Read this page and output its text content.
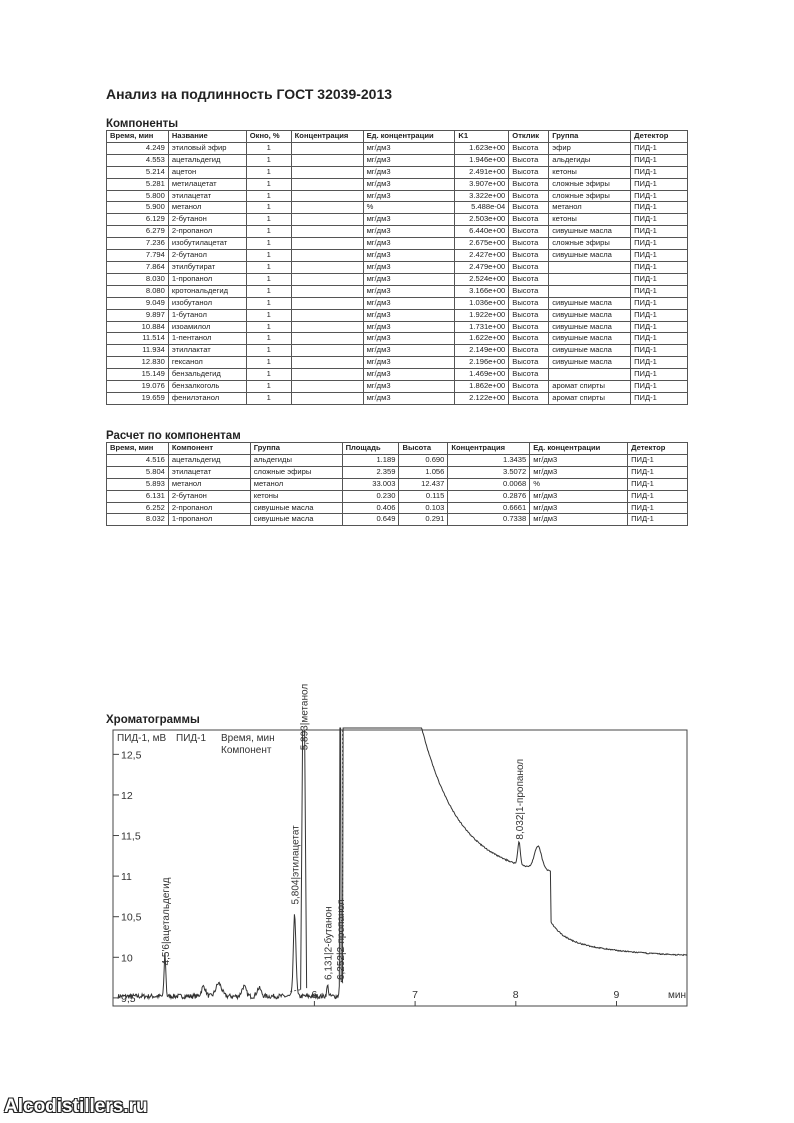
Анализ на подлинность ГОСТ 32039-2013
Компоненты
Время, мин	Название	Окно, %	Концентрация	Ед. концентрации	K1	Отклик	Группа	Детектор
4.249	этиловый эфир	1		мг/дм3	1.623e+00	Высота	эфир	ПИД-1
4.553	ацетальдегид	1		мг/дм3	1.946e+00	Высота	альдегиды	ПИД-1
5.214	ацетон	1		мг/дм3	2.491e+00	Высота	кетоны	ПИД-1
5.281	метилацетат	1		мг/дм3	3.907e+00	Высота	сложные эфиры	ПИД-1
5.800	этилацетат	1		мг/дм3	3.322e+00	Высота	сложные эфиры	ПИД-1
5.900	метанол	1		%	5.488e-04	Высота	метанол	ПИД-1
6.129	2-бутанон	1		мг/дм3	2.503e+00	Высота	кетоны	ПИД-1
6.279	2-пропанол	1		мг/дм3	6.440e+00	Высота	сивушные масла	ПИД-1
7.236	изобутилацетат	1		мг/дм3	2.675e+00	Высота	сложные эфиры	ПИД-1
7.794	2-бутанол	1		мг/дм3	2.427e+00	Высота	сивушные масла	ПИД-1
7.864	этилбутират	1		мг/дм3	2.479e+00	Высота		ПИД-1
8.030	1-пропанол	1		мг/дм3	2.524e+00	Высота		ПИД-1
8.080	кротональдегид	1		мг/дм3	3.166e+00	Высота		ПИД-1
9.049	изобутанол	1		мг/дм3	1.036e+00	Высота	сивушные масла	ПИД-1
9.897	1-бутанол	1		мг/дм3	1.922e+00	Высота	сивушные масла	ПИД-1
10.884	изоамилол	1		мг/дм3	1.731e+00	Высота	сивушные масла	ПИД-1
11.514	1-пентанол	1		мг/дм3	1.622e+00	Высота	сивушные масла	ПИД-1
11.934	этиллактат	1		мг/дм3	2.149e+00	Высота	сивушные масла	ПИД-1
12.830	гексанол	1		мг/дм3	2.196e+00	Высота	сивушные масла	ПИД-1
15.149	бензальдегид	1		мг/дм3	1.469e+00	Высота		ПИД-1
19.076	бензалкоголь	1		мг/дм3	1.862e+00	Высота	аромат спирты	ПИД-1
19.659	фенилэтанол	1		мг/дм3	2.122e+00	Высота	аромат спирты	ПИД-1
Расчет по компонентам
Время, мин	Компонент	Группа	Площадь	Высота	Концентрация	Ед. концентрации	Детектор
4.516	ацетальдегид	альдегиды	1.189	0.690	1.3435	мг/дм3	ПИД-1
5.804	этилацетат	сложные эфиры	2.359	1.056	3.5072	мг/дм3	ПИД-1
5.893	метанол	метанол	33.003	12.437	0.0068	%	ПИД-1
6.131	2-бутанон	кетоны	0.230	0.115	0.2876	мг/дм3	ПИД-1
6.252	2-пропанол	сивушные масла	0.406	0.103	0.6661	мг/дм3	ПИД-1
8.032	1-пропанол	сивушные масла	0.649	0.291	0.7338	мг/дм3	ПИД-1
Хроматограммы
ПИД-1, мВ ПИД-1 Время, мин
Компонент
мин
9,5
10
10,5
11
11,5
12
12,5
6	7	8	9
4,5'6|ацетальдегид
5,804|этилацетат
5,893|метанол
6,131|2-бутанон 6,252|2-пропанол
8,032|1-пропанол
Alcodistillers.ru
